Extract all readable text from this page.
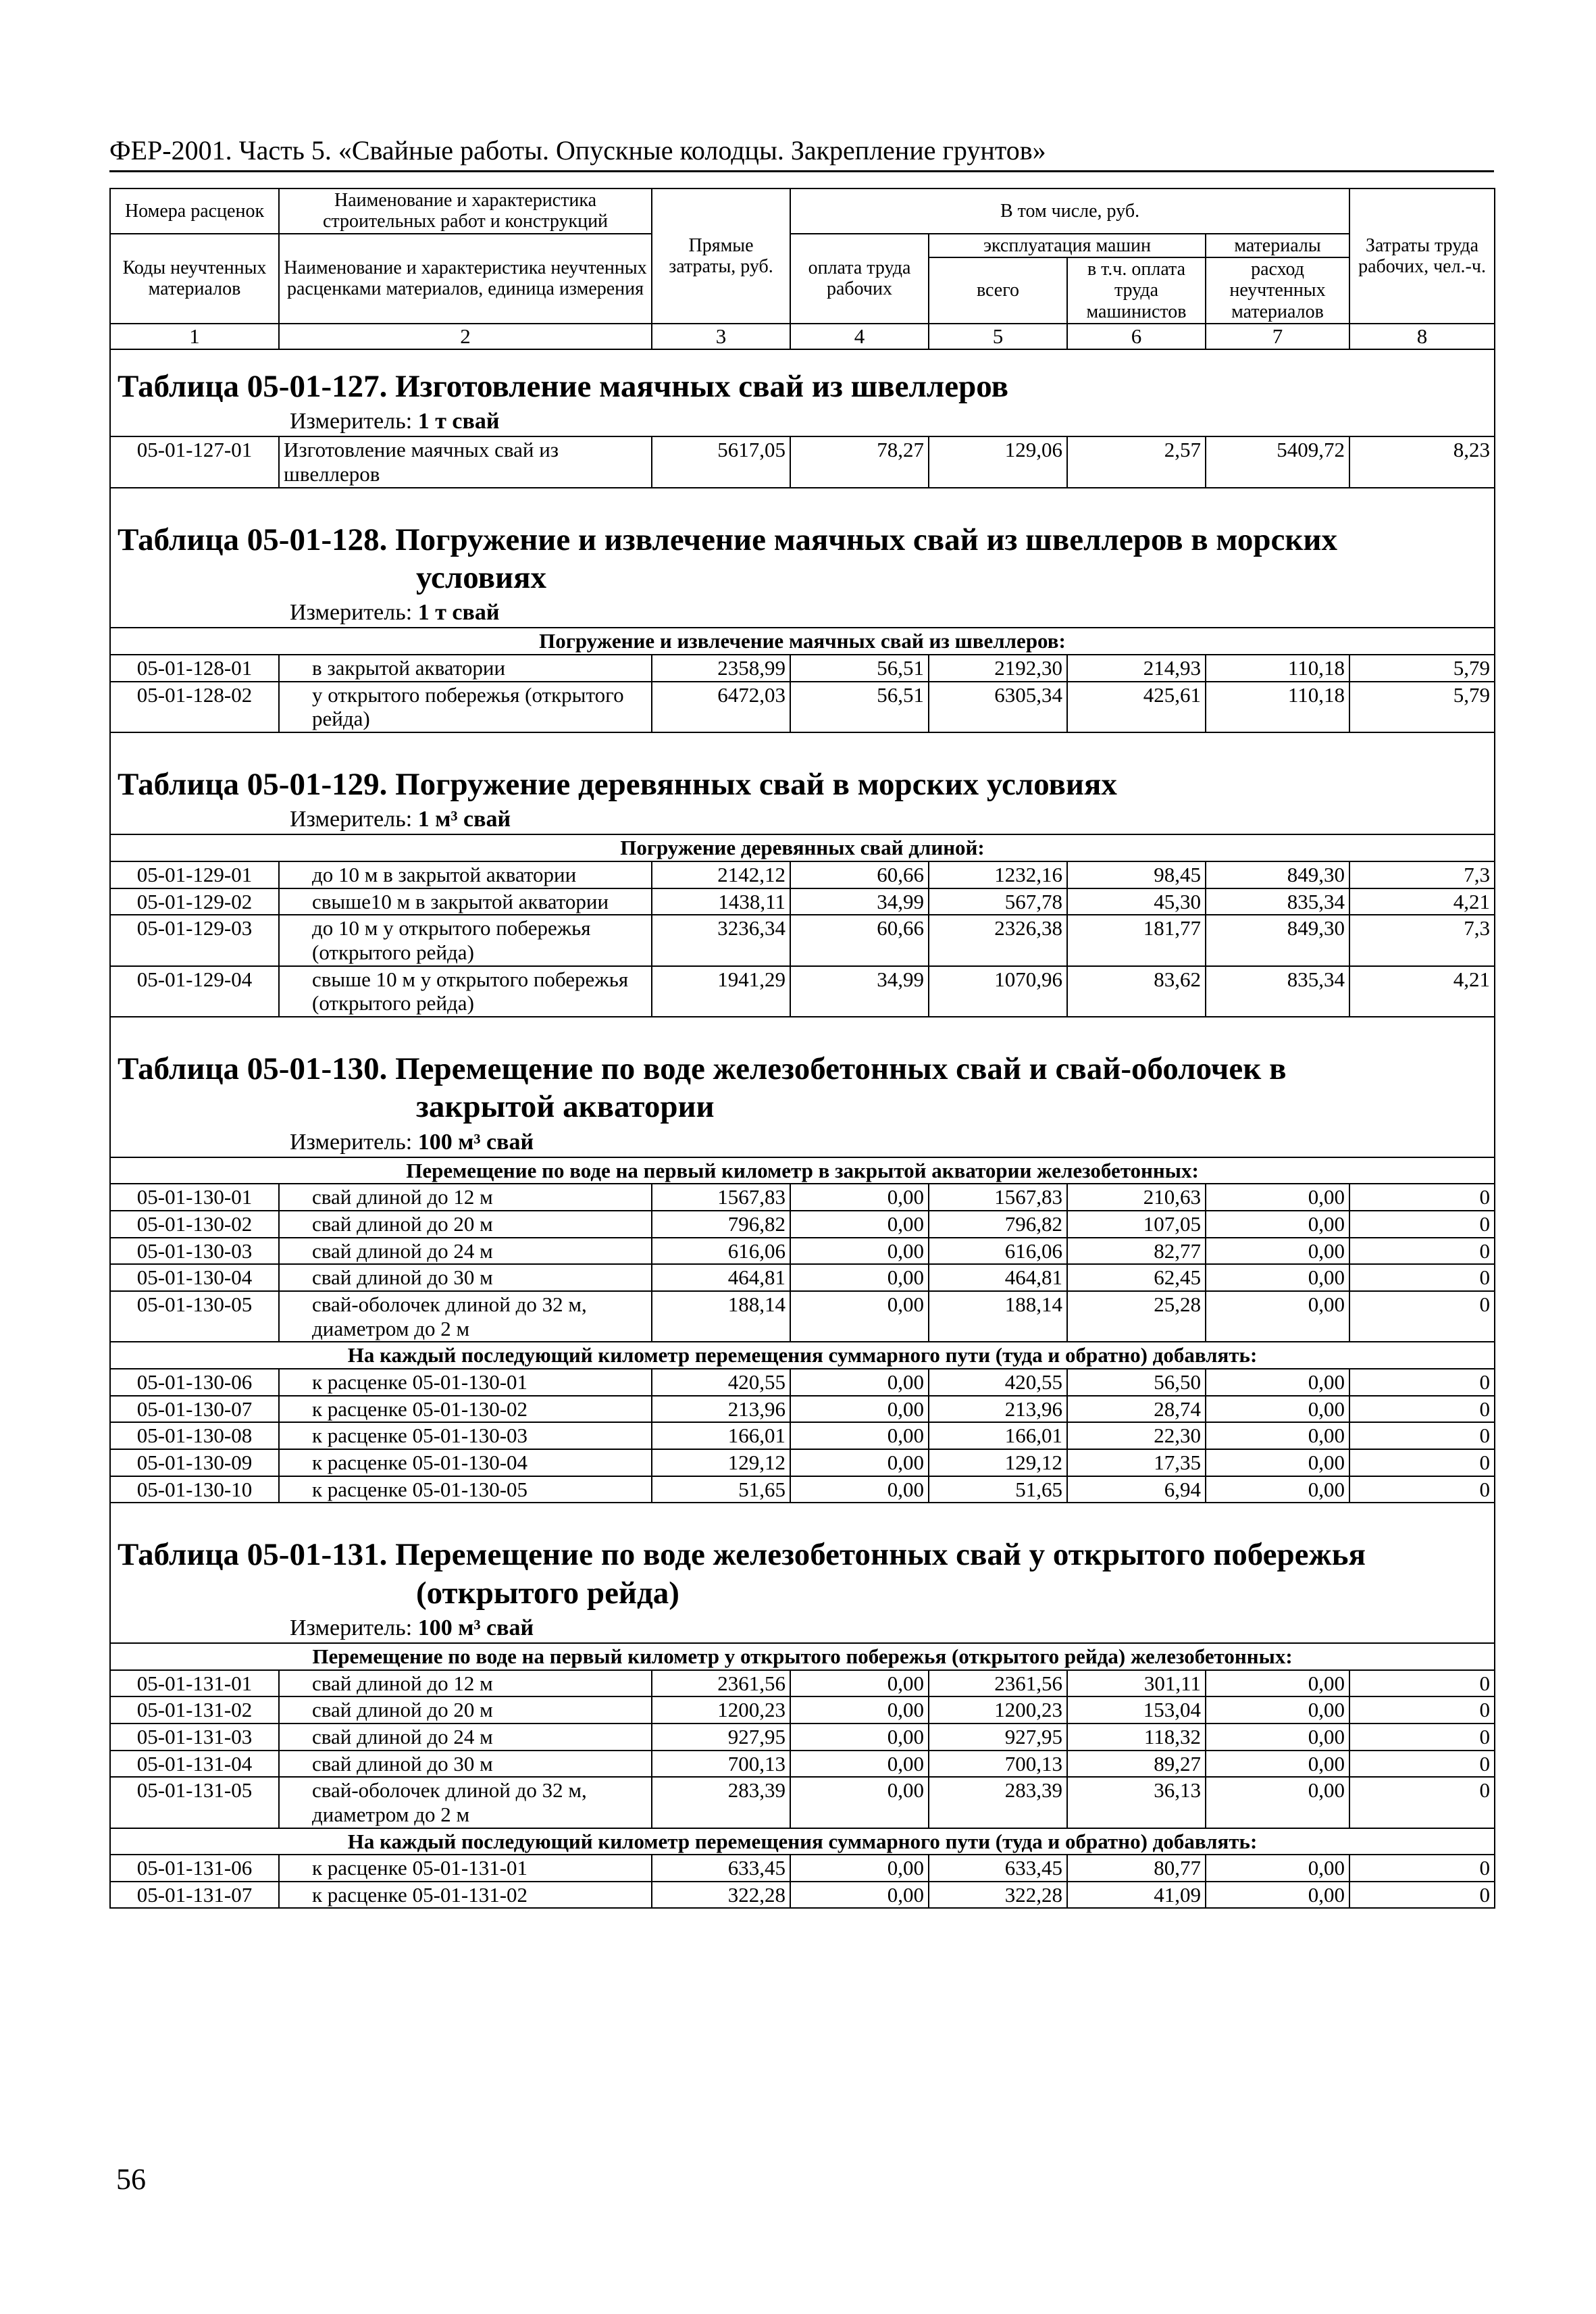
ФЕР-2001. Часть 5. «Свайные работы. Опускные колодцы. Закрепление грунтов»
Номера расценок	Наименование и характеристика строительных работ и конструкций	Прямые затраты, руб.	В том числе, руб.				Затраты труда рабочих, чел.-ч.
Коды неучтенных материалов	Наименование и характеристика неучтенных расценками материалов, единица измерения		оплата труда рабочих	эксплуатация машин		материалы	
				всего	в т.ч. оплата труда машинистов	расход неучтенных материалов	
1	2	3	4	5	6	7	8
Таблица 05-01-127. Изготовление маячных свай из швеллеров							
Измеритель: 1 т свай							
05-01-127-01	Изготовление маячных свай из швеллеров	5617,05	78,27	129,06	2,57	5409,72	8,23

Таблица 05-01-128. Погружение и извлечение маячных свай из швеллеров в морских
условиях							
Измеритель: 1 т свай							
Погружение и извлечение маячных свай из швеллеров:							
05-01-128-01	в закрытой акватории	2358,99	56,51	2192,30	214,93	110,18	5,79
05-01-128-02	у открытого побережья (открытого рейда)	6472,03	56,51	6305,34	425,61	110,18	5,79

Таблица 05-01-129. Погружение деревянных свай в морских условиях							
Измеритель: 1 м³ свай							
Погружение деревянных свай длиной:							
05-01-129-01	до 10 м в закрытой акватории	2142,12	60,66	1232,16	98,45	849,30	7,3
05-01-129-02	свыше10 м в закрытой акватории	1438,11	34,99	567,78	45,30	835,34	4,21
05-01-129-03	до 10 м у открытого побережья (открытого рейда)	3236,34	60,66	2326,38	181,77	849,30	7,3
05-01-129-04	свыше 10 м у открытого побережья (открытого рейда)	1941,29	34,99	1070,96	83,62	835,34	4,21

Таблица 05-01-130. Перемещение по воде железобетонных свай и свай-оболочек в
закрытой акватории							
Измеритель: 100 м³ свай							
Перемещение по воде на первый километр в закрытой акватории железобетонных:							
05-01-130-01	свай длиной до 12 м	1567,83	0,00	1567,83	210,63	0,00	0
05-01-130-02	свай длиной до 20 м	796,82	0,00	796,82	107,05	0,00	0
05-01-130-03	свай длиной до 24 м	616,06	0,00	616,06	82,77	0,00	0
05-01-130-04	свай длиной до 30 м	464,81	0,00	464,81	62,45	0,00	0
05-01-130-05	свай-оболочек длиной до 32 м, диаметром до 2 м	188,14	0,00	188,14	25,28	0,00	0
На каждый последующий километр перемещения суммарного пути (туда и обратно) добавлять:							
05-01-130-06	к расценке 05-01-130-01	420,55	0,00	420,55	56,50	0,00	0
05-01-130-07	к расценке 05-01-130-02	213,96	0,00	213,96	28,74	0,00	0
05-01-130-08	к расценке 05-01-130-03	166,01	0,00	166,01	22,30	0,00	0
05-01-130-09	к расценке 05-01-130-04	129,12	0,00	129,12	17,35	0,00	0
05-01-130-10	к расценке 05-01-130-05	51,65	0,00	51,65	6,94	0,00	0

Таблица 05-01-131. Перемещение по воде железобетонных свай у открытого побережья
(открытого рейда)							
Измеритель: 100 м³ свай							
Перемещение по воде на первый километр у открытого побережья (открытого рейда) железобетонных:							
05-01-131-01	свай длиной до 12 м	2361,56	0,00	2361,56	301,11	0,00	0
05-01-131-02	свай длиной до 20 м	1200,23	0,00	1200,23	153,04	0,00	0
05-01-131-03	свай длиной до 24 м	927,95	0,00	927,95	118,32	0,00	0
05-01-131-04	свай длиной до 30 м	700,13	0,00	700,13	89,27	0,00	0
05-01-131-05	свай-оболочек длиной до 32 м, диаметром до 2 м	283,39	0,00	283,39	36,13	0,00	0
На каждый последующий километр перемещения суммарного пути (туда и обратно) добавлять:							
05-01-131-06	к расценке 05-01-131-01	633,45	0,00	633,45	80,77	0,00	0
05-01-131-07	к расценке 05-01-131-02	322,28	0,00	322,28	41,09	0,00	0
56
